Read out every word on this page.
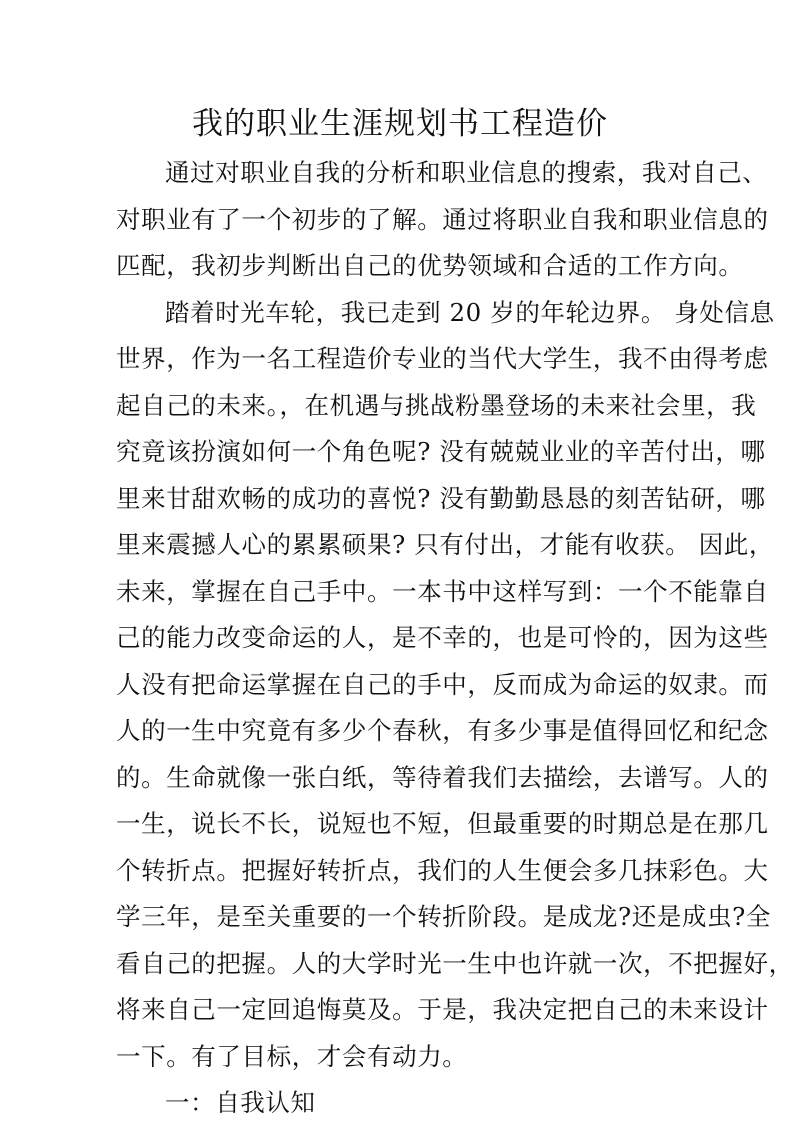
我的职业生涯规划书工程造价
通过对职业自我的分析和职业信息的搜索，我对自己、
对职业有了一个初步的了解。通过将职业自我和职业信息的
匹配，我初步判断出自己的优势领域和合适的工作方向。
踏着时光车轮，我已走到 20 岁的年轮边界。 身处信息
世界，作为一名工程造价专业的当代大学生，我不由得考虑
起自己的未来。，在机遇与挑战粉墨登场的未来社会里，我
究竟该扮演如何一个角色呢? 没有兢兢业业的辛苦付出，哪
里来甘甜欢畅的成功的喜悦? 没有勤勤恳恳的刻苦钻研，哪
里来震撼人心的累累硕果? 只有付出，才能有收获。 因此，
未来，掌握在自己手中。一本书中这样写到：一个不能靠自
己的能力改变命运的人，是不幸的，也是可怜的，因为这些
人没有把命运掌握在自己的手中，反而成为命运的奴隶。而
人的一生中究竟有多少个春秋，有多少事是值得回忆和纪念
的。生命就像一张白纸，等待着我们去描绘，去谱写。人的
一生，说长不长，说短也不短，但最重要的时期总是在那几
个转折点。把握好转折点，我们的人生便会多几抹彩色。大
学三年，是至关重要的一个转折阶段。是成龙?还是成虫?全
看自己的把握。人的大学时光一生中也许就一次，不把握好，
将来自己一定回追悔莫及。于是，我决定把自己的未来设计
一下。有了目标，才会有动力。
一：自我认知
